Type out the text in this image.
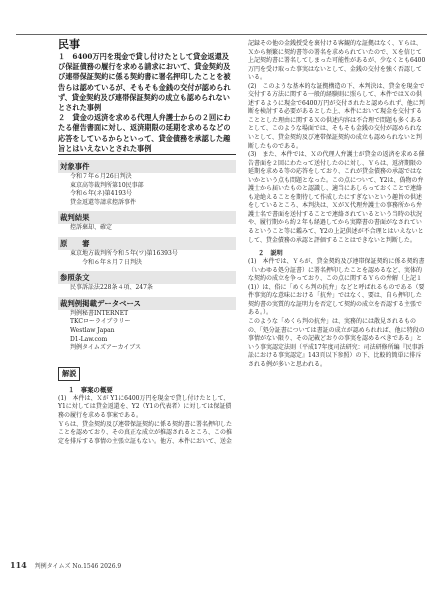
民事

１　6400万円を現金で貸し付けたとして貸金返還及び保証債務の履行を求める請求において、貸金契約及び連帯保証契約に係る契約書に署名押印したことを被告らは認めているが、そもそも金銭の交付が認められず、貸金契約及び連帯保証契約の成立も認められないとされた事例

２　貸金の返済を求める代理人弁護士からの２回にわたる催告書面に対し、返済期限の延期を求めるなどの応答をしているからといって、貸金債務を承認した趣旨とはいえないとされた事例

対象事件

令和７年６月26日判決

東京高等裁判所第10民事部

令和６年(ネ)第4193号

貸金返還等請求控訴事件

裁判結果

控訴棄却、確定

原　　審

東京地方裁判所令和５年(ワ)第16393号

令和６年８月７日判決

参照条文

民事訴訟法228条４項、247条

裁判例掲載データベース

判例秘書INTERNET

TKCローライブラリー

Westlaw Japan

D1-Law.com

判例タイムズアーカイブス

解説
１　事案の概要

(1)　本件は、Ｘが Y1に6400万円を現金で貸し付けたとして、Y1に対しては貸金返還を、Y2（Y1の代表者）に対しては保証債務の履行を求める事案である。

Ｙらは、貸金契約及び連帯保証契約に係る契約書に署名押印したことを認めており、その真正な成立が推認されるところ、この推定を排斥する事情の主張立証もない。他方、本件において、送金

記録その他の金銭授受を裏付ける客観的な証拠はなく、Ｙらは、Ｘから頻繁に契約書等の署名を求められていたので、Ｘを信じて上記契約書に署名してしまった可能性があるが、少なくとも6400万円を受け取った事実はないとして、金銭の交付を強く否認している。

(2)　このような基本的な証拠構造の下、本判決は、貸金を現金で交付する方法に関する一般的経験則に照らして、本件ではＸの供述するように現金で6400万円が交付されたと認められず、他に判断を検討する必要があるとした上、本件において現金を交付することとした理由に関するＸの供述内容は不合理で問題も多くあるとして、このような場面では、そもそも金銭の交付が認められないとして、貸金契約及び連帯保証契約の成立も認められないと判断したものである。

(3)　また、本件では、Ｘの代理人弁護士が貸金の返済を求める催告書面を２回にわたって送付したのに対し、Ｙらは、返済期限の延期を求める等の応答をしており、これが貸金債務の承認ではないかという点も問題となった。この点について、Y2は、偽物の弁護士から届いたものと認識し、適当にあしらっておくことで連絡も途絶えることを期待して作成したにすぎないという趣旨の供述をしているところ、本判決は、ＸがＸ代理弁護士の事務所から弁護士名で書面を送付することで連絡されているという当時の状況や、履行期から約２年も経過してから実際書の書面がなされているということ等に鑑みて、Y2の上記供述が不合理とはいえないとして、貸金債務の承認と評価することはできないと判断した。

２　説明

(1)　本件では、Ｙらが、貸金契約及び連帯保証契約に係る契約書（いわゆる処分証書）に署名押印したことを認めるなど、実体的な契約の成立を争っており、この点に関するＹらの弁解（上記１(1)）は、俗に「めくら判の抗弁」などと呼ばれるものである（要件事実的な意味における「抗弁」ではなく、要は、自ら押印した契約書の実質的な証明力を否定して契約の成立を否認する主張である。）。

このような「めくら判の抗弁」は、実務的には散見されるものの、「処分証書については書証の成立が認められれば、他に特段の事情がない限り、その記載どおりの事実を認めるべきである」という事実認定法則（平成17年度司法研究：司法研修所編『民事訴訟における事実認定』143頁以下参照）の下、比較的簡単に排斥される例が多いと思われる。

114 判例タイムズ No.1546 2026.9
